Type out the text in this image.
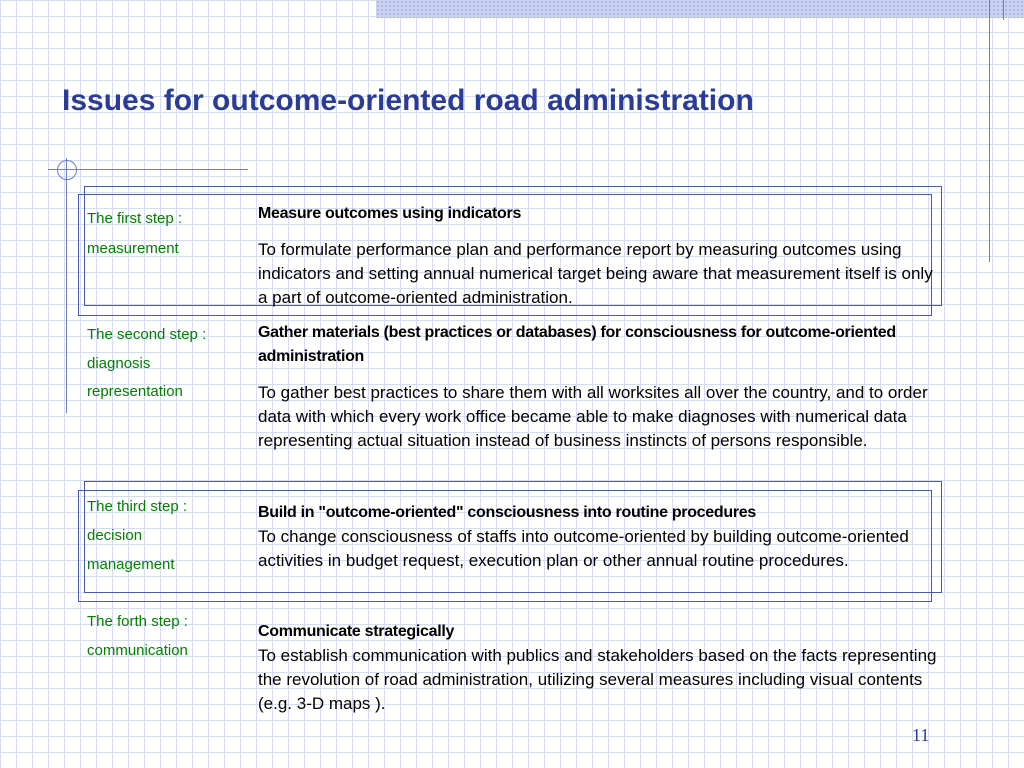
Issues for outcome-oriented road administration
The first step :
measurement
Measure outcomes using indicators
To formulate performance plan and performance report by measuring outcomes using indicators and setting annual numerical target being aware that measurement itself is only a part of outcome-oriented administration.
The second step :
diagnosis
representation
Gather materials (best practices or databases) for consciousness for outcome-oriented administration
To gather best practices to share them with all worksites all over the country, and to order data with which every work office became able to make diagnoses with numerical data representing actual situation instead of business instincts of persons responsible.
The third step :
decision
management
Build in "outcome-oriented" consciousness into routine procedures
To change consciousness of staffs into outcome-oriented by building outcome-oriented activities in budget request, execution plan or other annual routine procedures.
The forth step :
communication
Communicate strategically
To establish communication with publics and stakeholders based on the facts representing the revolution of road administration, utilizing several measures including visual contents (e.g. 3-D maps ).
11
